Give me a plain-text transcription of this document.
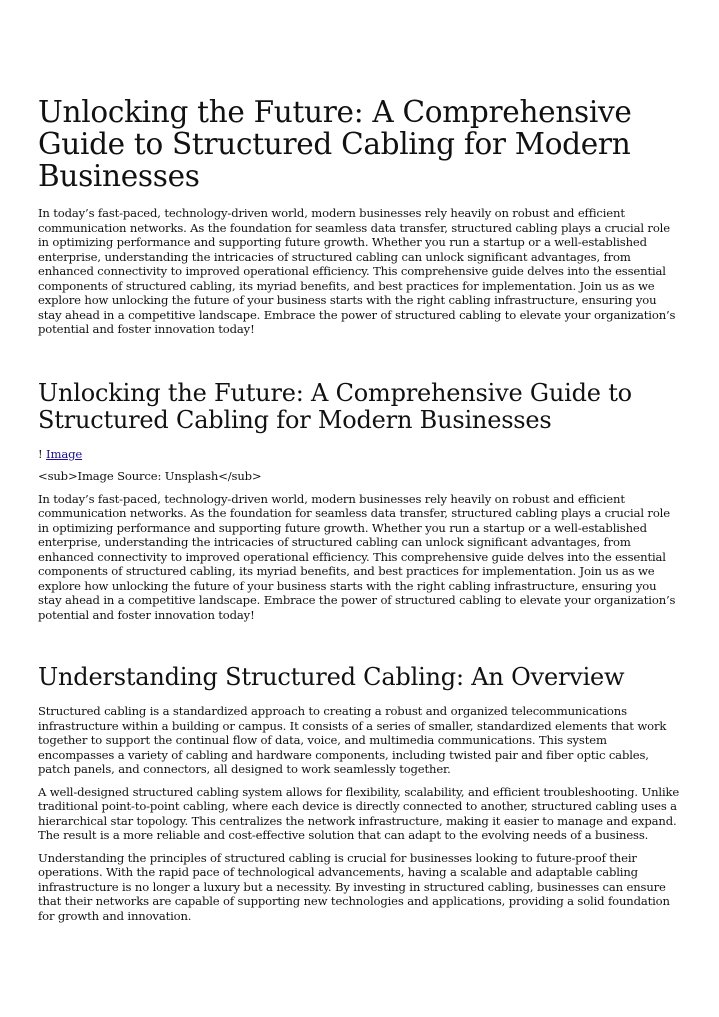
Unlocking the Future: A Comprehensive Guide to Structured Cabling for Modern Businesses

In today’s fast-paced, technology-driven world, modern businesses rely heavily on robust and efficient communication networks. As the foundation for seamless data transfer, structured cabling plays a crucial role in optimizing performance and supporting future growth. Whether you run a startup or a well-established enterprise, understanding the intricacies of structured cabling can unlock significant advantages, from enhanced connectivity to improved operational efficiency. This comprehensive guide delves into the essential components of structured cabling, its myriad benefits, and best practices for implementation. Join us as we explore how unlocking the future of your business starts with the right cabling infrastructure, ensuring you stay ahead in a competitive landscape. Embrace the power of structured cabling to elevate your organization’s potential and foster innovation today!

Unlocking the Future: A Comprehensive Guide to Structured Cabling for Modern Businesses

! Image

<sub>Image Source: Unsplash</sub>

In today’s fast-paced, technology-driven world, modern businesses rely heavily on robust and efficient communication networks. As the foundation for seamless data transfer, structured cabling plays a crucial role in optimizing performance and supporting future growth. Whether you run a startup or a well-established enterprise, understanding the intricacies of structured cabling can unlock significant advantages, from enhanced connectivity to improved operational efficiency. This comprehensive guide delves into the essential components of structured cabling, its myriad benefits, and best practices for implementation. Join us as we explore how unlocking the future of your business starts with the right cabling infrastructure, ensuring you stay ahead in a competitive landscape. Embrace the power of structured cabling to elevate your organization’s potential and foster innovation today!

Understanding Structured Cabling: An Overview

Structured cabling is a standardized approach to creating a robust and organized telecommunications infrastructure within a building or campus. It consists of a series of smaller, standardized elements that work together to support the continual flow of data, voice, and multimedia communications. This system encompasses a variety of cabling and hardware components, including twisted pair and fiber optic cables, patch panels, and connectors, all designed to work seamlessly together.

A well-designed structured cabling system allows for flexibility, scalability, and efficient troubleshooting. Unlike traditional point-to-point cabling, where each device is directly connected to another, structured cabling uses a hierarchical star topology. This centralizes the network infrastructure, making it easier to manage and expand. The result is a more reliable and cost-effective solution that can adapt to the evolving needs of a business.

Understanding the principles of structured cabling is crucial for businesses looking to future-proof their operations. With the rapid pace of technological advancements, having a scalable and adaptable cabling infrastructure is no longer a luxury but a necessity. By investing in structured cabling, businesses can ensure that their networks are capable of supporting new technologies and applications, providing a solid foundation for growth and innovation.
